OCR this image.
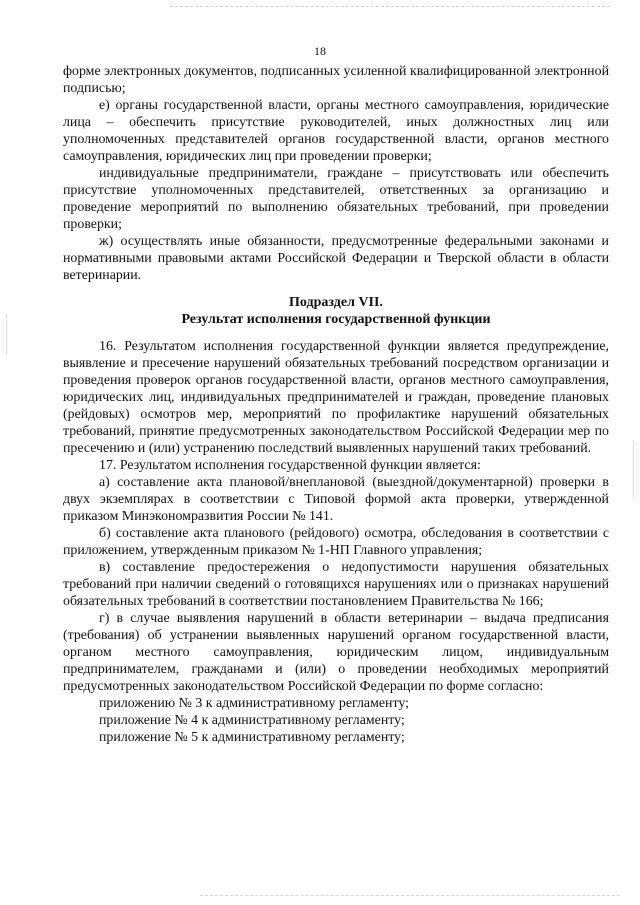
18

форме электронных документов, подписанных усиленной квалифицированной электронной подписью;

е) органы государственной власти, органы местного самоуправления, юридические лица – обеспечить присутствие руководителей, иных должностных лиц или уполномоченных представителей органов государственной власти, органов местного самоуправления, юридических лиц при проведении проверки;

индивидуальные предприниматели, граждане – присутствовать или обеспечить присутствие уполномоченных представителей, ответственных за организацию и проведение мероприятий по выполнению обязательных требований, при проведении проверки;

ж) осуществлять иные обязанности, предусмотренные федеральными законами и нормативными правовыми актами Российской Федерации и Тверской области в области ветеринарии.

Подраздел VII.

Результат исполнения государственной функции

16. Результатом исполнения государственной функции является предупреждение, выявление и пресечение нарушений обязательных требований посредством организации и проведения проверок органов государственной власти, органов местного самоуправления, юридических лиц, индивидуальных предпринимателей и граждан, проведение плановых (рейдовых) осмотров мер, мероприятий по профилактике нарушений обязательных требований, принятие предусмотренных законодательством Российской Федерации мер по пресечению и (или) устранению последствий выявленных нарушений таких требований.

17. Результатом исполнения государственной функции является:

а) составление акта плановой/внеплановой (выездной/документарной) проверки в двух экземплярах в соответствии с Типовой формой акта проверки, утвержденной приказом Минэкономразвития России № 141.

б) составление акта планового (рейдового) осмотра, обследования в соответствии с приложением, утвержденным приказом № 1-НП Главного управления;

в) составление предостережения о недопустимости нарушения обязательных требований при наличии сведений о готовящихся нарушениях или о признаках нарушений обязательных требований в соответствии постановлением Правительства № 166;

г) в случае выявления нарушений в области ветеринарии – выдача предписания (требования) об устранении выявленных нарушений органом государственной власти, органом местного самоуправления, юридическим лицом, индивидуальным предпринимателем, гражданами и (или) о проведении необходимых мероприятий предусмотренных законодательством Российской Федерации по форме согласно:

приложению № 3 к административному регламенту;

приложение № 4 к административному регламенту;

приложение № 5 к административному регламенту;
